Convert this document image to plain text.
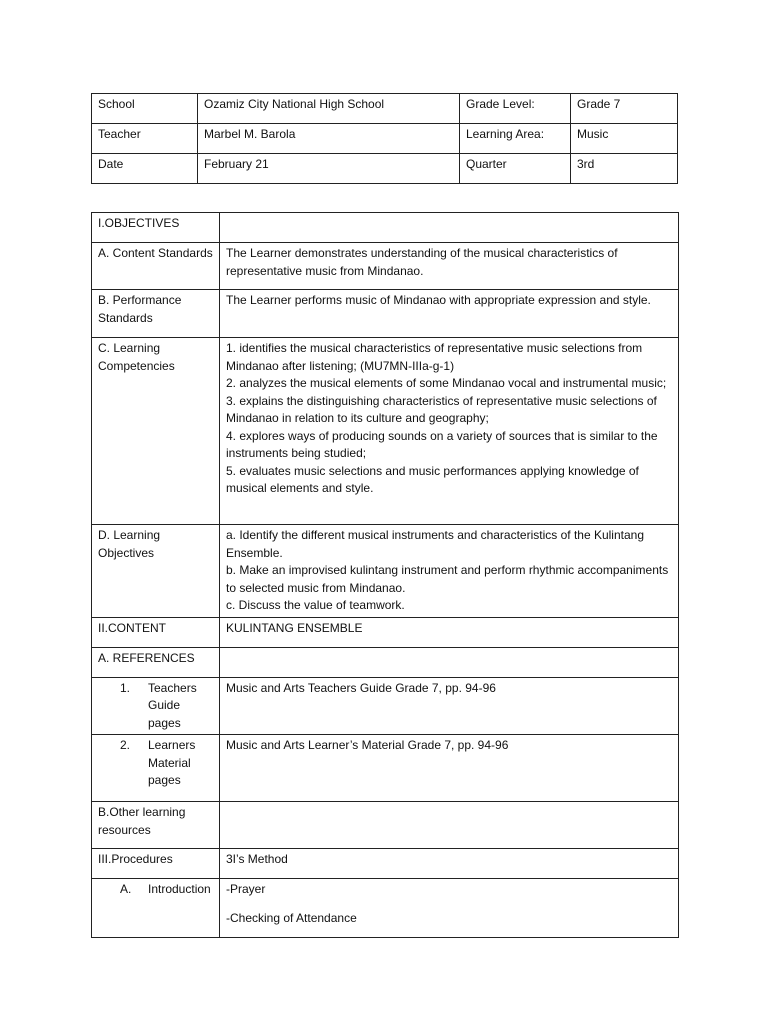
School	Ozamiz City National High School	Grade Level:	Grade 7
Teacher	Marbel M. Barola	Learning Area:	Music
Date	February 21	Quarter	3rd
I.OBJECTIVES	
A. Content Standards	The Learner demonstrates understanding of the musical characteristics of representative music from Mindanao.
B. Performance Standards	The Learner performs music of Mindanao with appropriate expression and style.
C. Learning Competencies	1. identifies the musical characteristics of representative music selections from Mindanao after listening; (MU7MN-IIIa-g-1)
2. analyzes the musical elements of some Mindanao vocal and instrumental music;
3. explains the distinguishing characteristics of representative music selections of Mindanao in relation to its culture and geography;
4. explores ways of producing sounds on a variety of sources that is similar to the instruments being studied;
5. evaluates music selections and music performances applying knowledge of musical elements and style.

D. Learning Objectives	a. Identify the different musical instruments and characteristics of the Kulintang Ensemble.
b. Make an improvised kulintang instrument and perform rhythmic accompaniments to selected music from Mindanao.
c. Discuss the value of teamwork.

II.CONTENT	KULINTANG ENSEMBLE
A. REFERENCES	

1. Teachers Guide pages	Music and Arts Teachers Guide Grade 7, pp. 94-96

2. Learners Material pages	Music and Arts Learner’s Material Grade 7, pp. 94-96
B.Other learning resources	
III.Procedures	3I’s Method

A. Introduction	-Prayer
-Checking of Attendance
